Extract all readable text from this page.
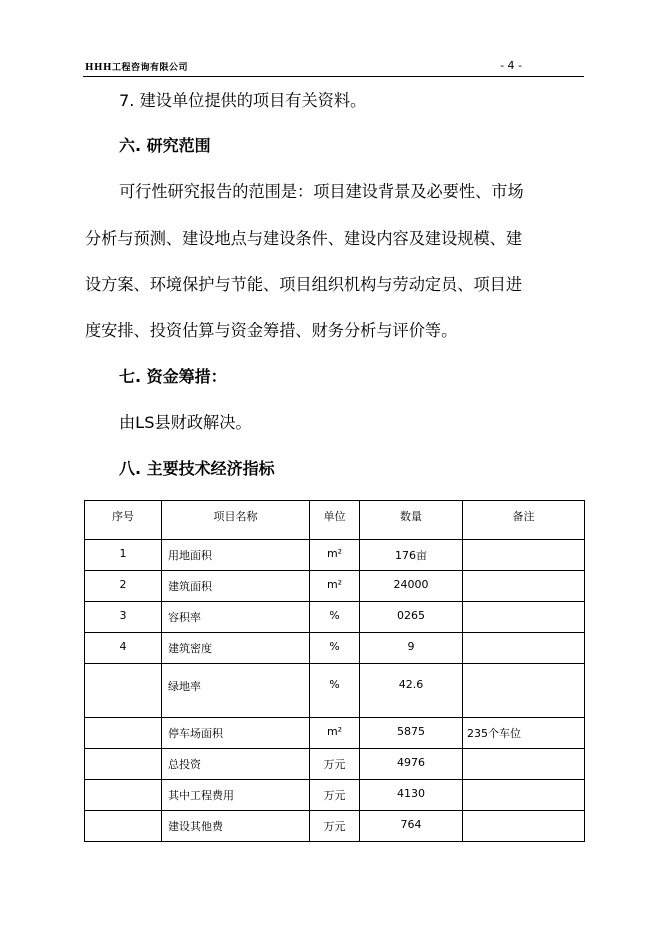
HHH工程咨询有限公司	- 4 -
7. 建设单位提供的项目有关资料。
六. 研究范围
可行性研究报告的范围是：项目建设背景及必要性、市场
分析与预测、建设地点与建设条件、建设内容及建设规模、建
设方案、环境保护与节能、项目组织机构与劳动定员、项目进
度安排、投资估算与资金筹措、财务分析与评价等。
七. 资金筹措：
由LS县财政解决。
八. 主要技术经济指标
序号	项目名称	单位	数量	备注
1	用地面积	m²	176亩	
2	建筑面积	m²	24000	
3	容积率	%	0265	
4	建筑密度	%	9	
	绿地率	%	42.6	
	停车场面积	m²	5875	235个车位
	总投资	万元	4976	
	其中工程费用	万元	4130	
	建设其他费	万元	764	
